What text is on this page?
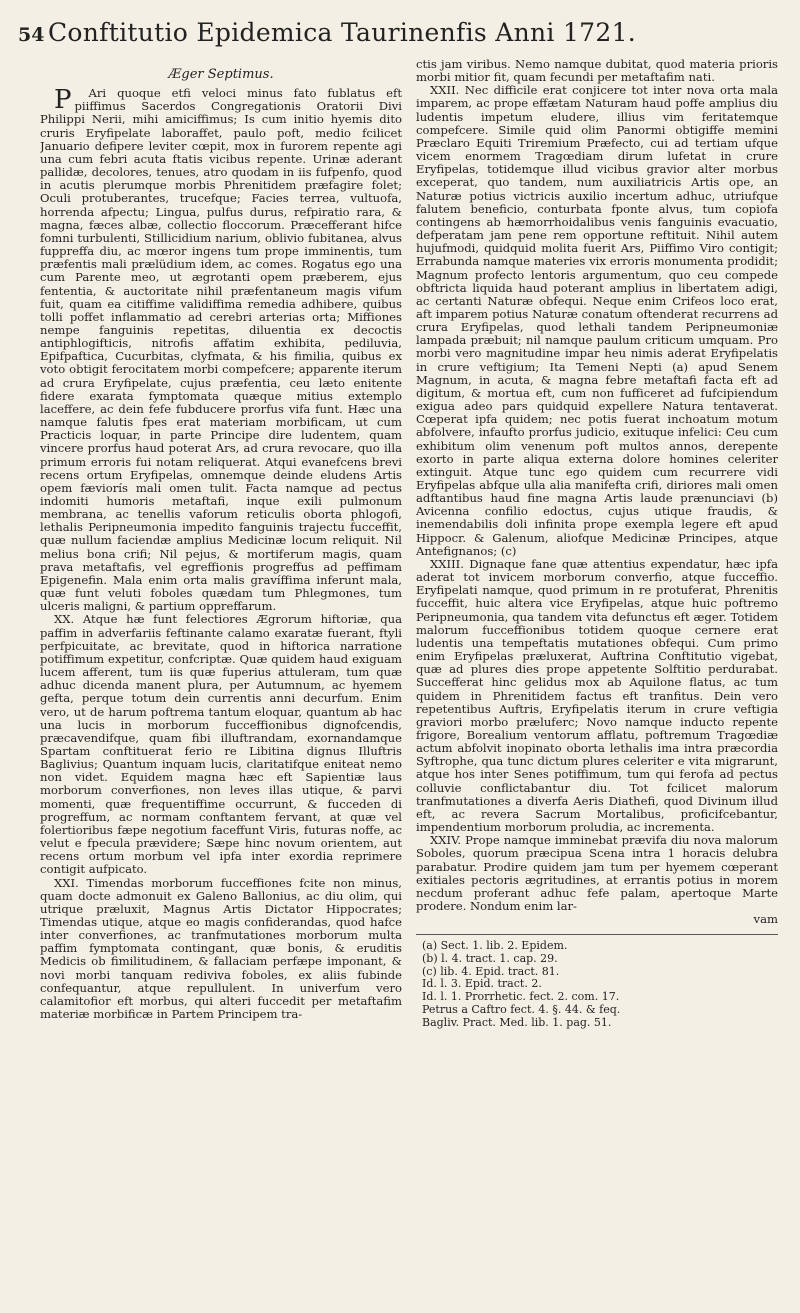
54 Conftitutio Epidemica Taurinenfis Anni 1721.
Æger Septimus.

PAri quoque etfi veloci minus fato fublatus eft piiffimus Sacerdos Congregationis Oratorii Divi Philippi Nerii, mihi amiciffimus; Is cum initio hyemis dito cruris Eryfipelate laboraffet, paulo poft, medio fcilicet Januario defipere leviter cœpit, mox in furorem repente agi una cum febri acuta ftatis vicibus repente. Urinæ aderant pallidæ, decolores, tenues, atro quodam in iis fufpenfo, quod in acutis plerumque morbis Phrenitidem præfagire folet; Oculi protuberantes, trucefque; Facies terrea, vultuofa, horrenda afpectu; Lingua, pulfus durus, refpiratio rara, & magna, fæces albæ, collectio floccorum. Præcefferant hifce fomni turbulenti, Stillicidium narium, oblivio fubitanea, alvus fuppreffa diu, ac mœror ingens tum prope imminentis, tum præfentis mali prælüdium idem, ac comes. Rogatus ego una cum Parente meo, ut ægrotanti opem præberem, ejus fententia, & auctoritate nihil præfentaneum magis vifum fuit, quam ea citiffime validiffima remedia adhibere, quibus tolli poffet inflammatio ad cerebri arterias orta; Miffiones nempe fanguinis repetitas, diluentia ex decoctis antiphlogifticis, nitrofis affatim exhibita, pediluvia, Epifpaftica, Cucurbitas, clyfmata, & his fimilia, quibus ex voto obtigit ferocitatem morbi compefcere; apparente iterum ad crura Eryfipelate, cujus præfentia, ceu læto enitente fidere exarata fymptomata quæque mitius extemplo laceffere, ac dein fefe fubducere prorfus vifa funt. Hæc una namque falutis fpes erat materiam morbificam, ut cum Practicis loquar, in parte Principe dire ludentem, quam vincere prorfus haud poterat Ars, ad crura revocare, quo illa primum erroris fui notam reliquerat. Atqui evanefcens brevi recens ortum Eryfipelas, omnemque deinde eludens Artis opem fæviorís mali omen tulit. Facta namque ad pectus indomiti humoris metaftafi, inque exili pulmonum membrana, ac tenellis vaforum reticulis oborta phlogofi, lethalis Peripneumonia impedito fanguinis trajectu fucceffit, quæ nullum faciendæ amplius Medicinæ locum reliquit. Nil melius bona crifi; Nil pejus, & mortiferum magis, quam prava metaftafis, vel egreffionis progreffus ad peffimam Epigenefin. Mala enim orta malis gravíffima inferunt mala, quæ funt veluti foboles quædam tum Phlegmones, tum ulceris maligni, & partium oppreffarum.

XX. Atque hæ funt felectiores Ægrorum hiftoriæ, qua paffim in adverfariis feftinante calamo exaratæ fuerant, ftyli perfpicuitate, ac brevitate, quod in hiftorica narratione potiffimum expetitur, confcriptæ. Quæ quidem haud exiguam lucem afferent, tum iis quæ fuperius attuleram, tum quæ adhuc dicenda manent plura, per Autumnum, ac hyemem gefta, perque totum dein currentis anni decurfum. Enim vero, ut de harum poftrema tantum eloquar, quantum ab hac una lucis in morborum fucceffionibus dignofcendis, præcavendifque, quam fibi illuftrandam, exornandamque Spartam conftituerat ferio re Libitina dignus Illuftris Baglivius; Quantum inquam lucis, claritatifque eniteat nemo non videt. Equidem magna hæc eft Sapientiæ laus morborum converfiones, non leves illas utique, & parvi momenti, quæ frequentiffime occurrunt, & fucceden di progreffum, ac normam conftantem fervant, at quæ vel folertioribus fæpe negotium faceffunt Viris, futuras noffe, ac velut e fpecula prævidere; Sæpe hinc novum orientem, aut recens ortum morbum vel ipfa inter exordia reprimere contigit aufpicato.

XXI. Timendas morborum fucceffiones fcite non minus, quam docte admonuit ex Galeno Ballonius, ac diu olim, qui utrique præluxit, Magnus Artis Dictator Hippocrates; Timendas utique, atque eo magis confiderandas, quod hafce inter converfiones, ac tranfmutationes morborum multa paffim fymptomata contingant, quæ bonis, & eruditis Medicis ob fimilitudinem, & fallaciam perfæpe imponant, & novi morbi tanquam rediviva foboles, ex aliis fubinde confequantur, atque repullulent. In univerfum vero calamitofior eft morbus, qui alteri fuccedit per metaftafim materiæ morbificæ in Partem Principem tra-

ctis jam viribus. Nemo namque dubitat, quod materia prioris morbi mitior fit, quam fecundi per metaftafim nati.

XXII. Nec difficile erat conjicere tot inter nova orta mala imparem, ac prope effætam Naturam haud poffe amplius diu ludentis impetum eludere, illius vim feritatemque compefcere. Simile quid olim Panormi obtigiffe memini Præclaro Equiti Triremium Præfecto, cui ad tertiam ufque vicem enormem Tragœdiam dirum lufetat in crure Eryfipelas, totidemque illud vicibus gravior alter morbus exceperat, quo tandem, num auxiliatricis Artis ope, an Naturæ potius victricis auxilio incertum adhuc, utriufque falutem beneficio, conturbata fponte alvus, tum copiofa contingens ab hæmorrhoidalibus venis fanguinis evacuatio, defperatam jam pene rem opportune reftituit. Nihil autem hujufmodi, quidquid molita fuerit Ars, Piiffimo Viro contigit; Errabunda namque materies vix erroris monumenta prodidit; Magnum profecto lentoris argumentum, quo ceu compede obftricta liquida haud poterant amplius in libertatem adigi, ac certanti Naturæ obfequi. Neque enim Crifeos loco erat, aft imparem potius Naturæ conatum oftenderat recurrens ad crura Eryfipelas, quod lethali tandem Peripneumoniæ lampada præbuit; nil namque paulum criticum umquam. Pro morbi vero magnitudine impar heu nimis aderat Eryfipelatis in crure veftigium; Ita Temeni Nepti (a) apud Senem Magnum, in acuta, & magna febre metaftafi facta eft ad digitum, & mortua eft, cum non fufficeret ad fufcipiendum exigua adeo pars quidquid expellere Natura tentaverat. Cœperat ipfa quidem; nec potis fuerat inchoatum motum abfolvere, infaufto prorfus judicio, exituque infelici: Ceu cum exhibitum olim venenum poft multos annos, derepente exorto in parte aliqua externa dolore homines celeriter extinguit. Atque tunc ego quidem cum recurrere vidi Eryfipelas abfque ulla alia manifefta crifi, diriores mali omen adftantibus haud fine magna Artis laude prænunciavi (b) Avicenna confilio edoctus, cujus utique fraudis, & inemendabilis doli infinita prope exempla legere eft apud Hippocr. & Galenum, aliofque Medicinæ Principes, atque Antefignanos; (c)

XXIII. Dignaque fane quæ attentius expendatur, hæc ipfa aderat tot invicem morborum converfio, atque fucceffio. Eryfipelati namque, quod primum in re protuferat, Phrenitis fucceffit, huic altera vice Eryfipelas, atque huic poftremo Peripneumonia, qua tandem vita defunctus eft æger. Totidem malorum fucceffionibus totidem quoque cernere erat ludentis una tempeftatis mutationes obfequi. Cum primo enim Eryfipelas præluxerat, Auftrina Conftitutio vigebat, quæ ad plures dies prope appetente Solftitio perdurabat. Succefferat hinc gelidus mox ab Aquilone flatus, ac tum quidem in Phrenitidem factus eft tranfitus. Dein vero repetentibus Auftris, Eryfipelatis iterum in crure veftigia graviori morbo præluferc; Novo namque inducto repente frigore, Borealium ventorum afflatu, poftremum Tragœdiæ actum abfolvit inopinato oborta lethalis ima intra præcordia Syftrophe, qua tunc dictum plures celeriter e vita migrarunt, atque hos inter Senes potiffimum, tum qui ferofa ad pectus colluvie conflictabantur diu. Tot fcilicet malorum tranfmutationes a diverfa Aeris Diathefi, quod Divinum illud eft, ac revera Sacrum Mortalibus, proficifcebantur, impendentium morborum proludia, ac incrementa.

XXIV. Prope namque imminebat prævifa diu nova malorum Soboles, quorum præcipua Scena intra 1 horacis delubra parabatur. Prodire quidem jam tum per hyemem cœperant exitiales pectoris ægritudines, at errantis potius in morem necdum proferant adhuc fefe palam, apertoque Marte prodere. Nondum enim lar-

vam
(a) Sect. 1. lib. 2. Epidem.
(b) l. 4. tract. 1. cap. 29.
(c) lib. 4. Epid. tract. 81.
Id. l. 3. Epid. tract. 2.
Id. l. 1. Prorrhetic. fect. 2. com. 17.
Petrus a Caftro fect. 4. §. 44. & feq.
Bagliv. Pract. Med. lib. 1. pag. 51.
